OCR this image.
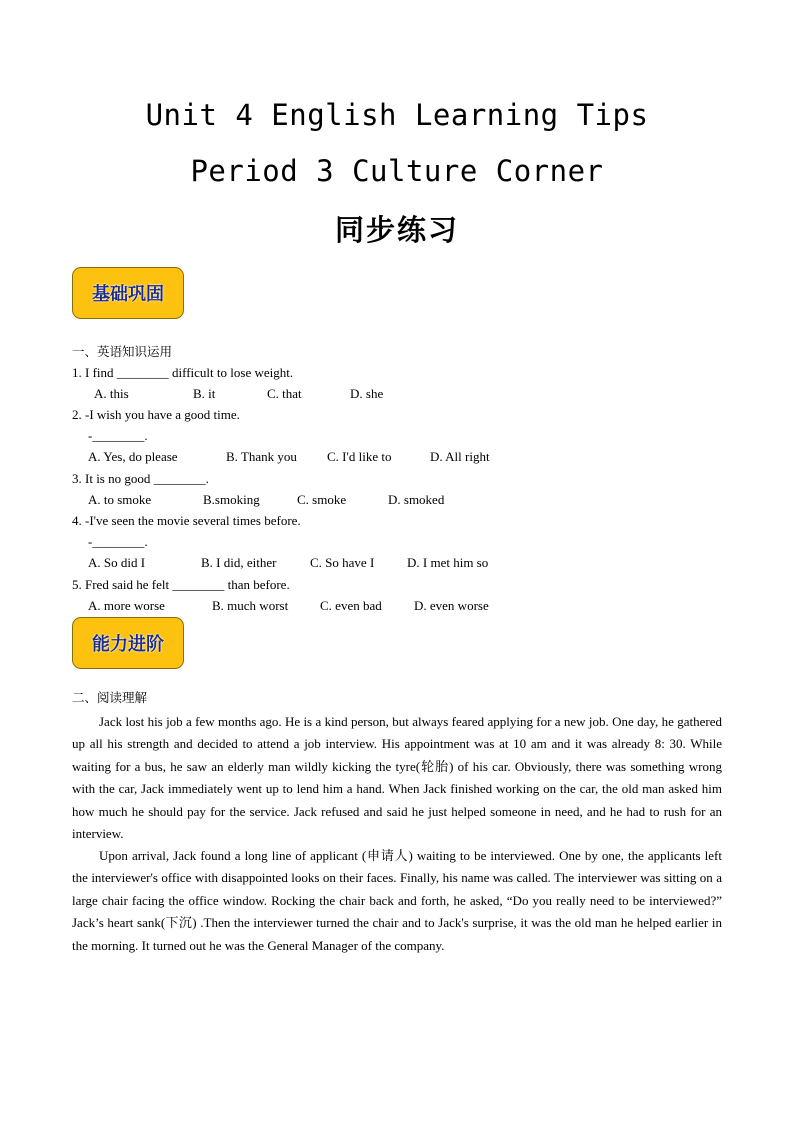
Unit 4 English Learning Tips
Period 3 Culture Corner
同步练习
基础巩固
一、英语知识运用
1. I find ________ difficult to lose weight.
A. this	B. it	C. that	D. she
2. -I wish you have a good time.
-________.
A. Yes, do please	B. Thank you C. I'd like to	D. All right
3. It is no good ________.
A. to smoke	B.smoking	C. smoke	D. smoked
4. -I've seen the movie several times before.
-________.
A. So did I	B. I did, either	C. So have I	D. I met him so
5. Fred said he felt ________ than before.
A. more worse	B. much worst C. even bad D. even worse
能力进阶
二、阅读理解

Jack lost his job a few months ago. He is a kind person, but always feared applying for a new job. One day, he gathered up all his strength and decided to attend a job interview. His appointment was at 10 am and it was already 8: 30. While waiting for a bus, he saw an elderly man wildly kicking the tyre(轮胎) of his car. Obviously, there was something wrong with the car, Jack immediately went up to lend him a hand. When Jack finished working on the car, the old man asked him how much he should pay for the service. Jack refused and said he just helped someone in need, and he had to rush for an interview.

Upon arrival, Jack found a long line of applicant (申请人) waiting to be interviewed. One by one, the applicants left the interviewer's office with disappointed looks on their faces. Finally, his name was called. The interviewer was sitting on a large chair facing the office window. Rocking the chair back and forth, he asked, “Do you really need to be interviewed?” Jack’s heart sank(下沉) .Then the interviewer turned the chair and to Jack's surprise, it was the old man he helped earlier in the morning. It turned out he was the General Manager of the company.
